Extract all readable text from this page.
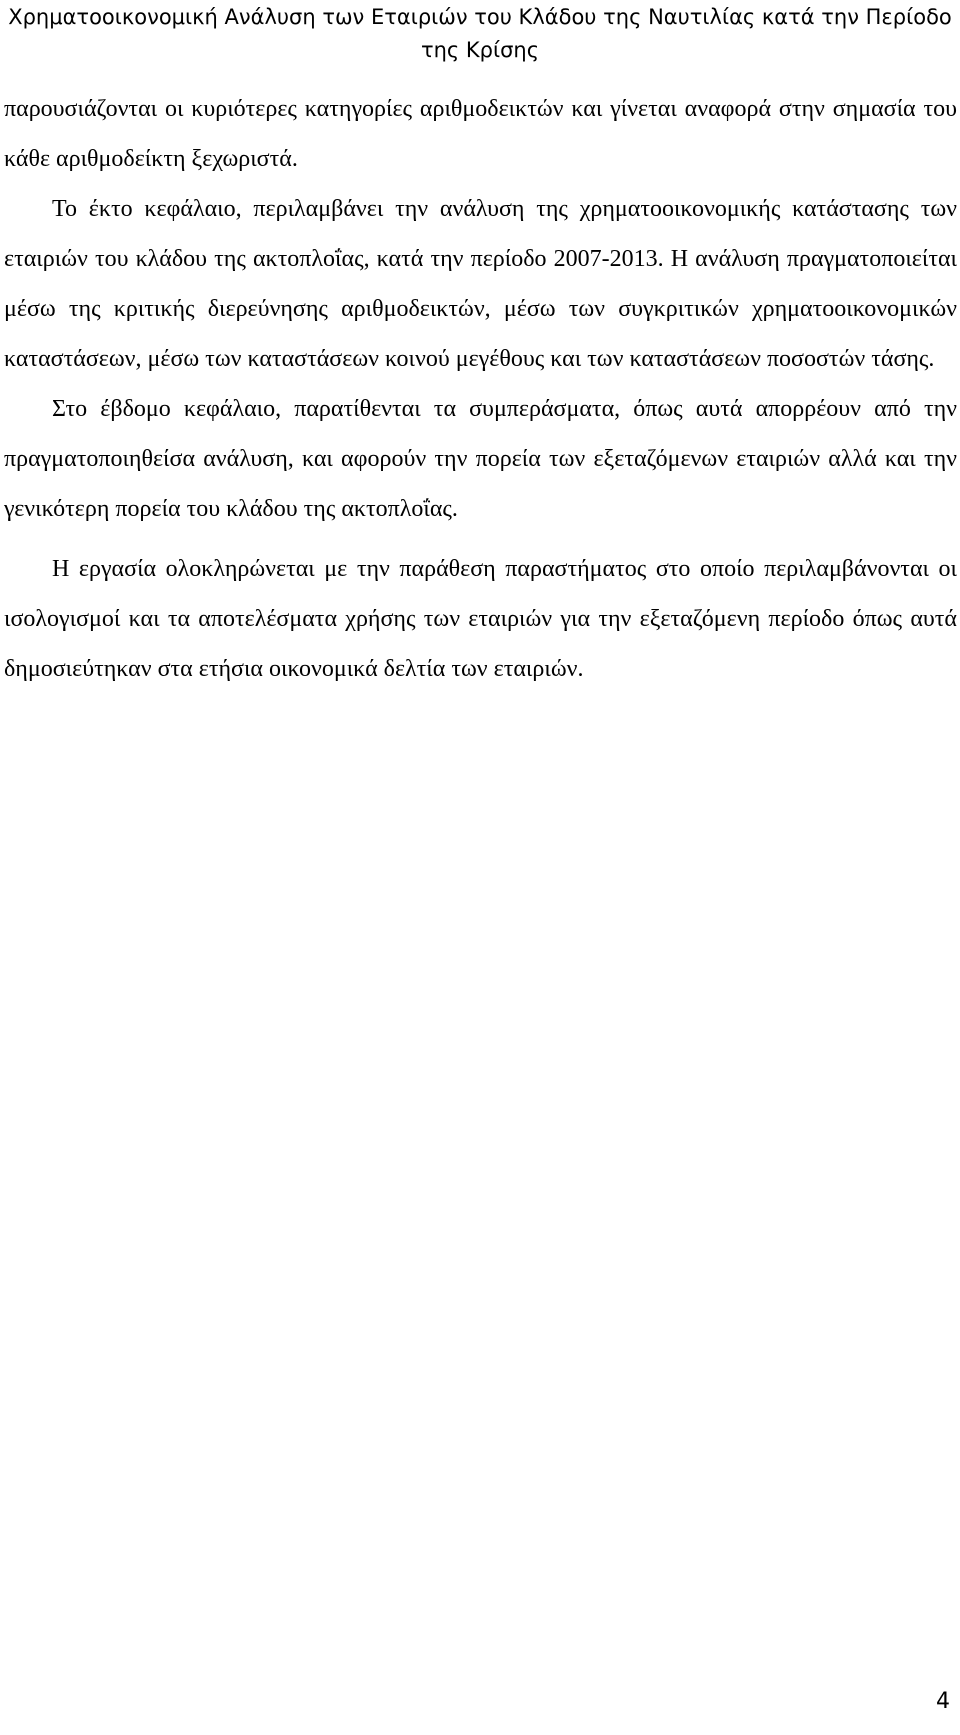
Χρηματοοικονομική Ανάλυση των Εταιριών του Κλάδου της Ναυτιλίας κατά την Περίοδο της Κρίσης

παρουσιάζονται οι κυριότερες κατηγορίες αριθμοδεικτών και γίνεται αναφορά στην σημασία του κάθε αριθμοδείκτη ξεχωριστά.

Το έκτο κεφάλαιο, περιλαμβάνει την ανάλυση της χρηματοοικονομικής κατάστασης των εταιριών του κλάδου της ακτοπλοΐας, κατά την περίοδο 2007-2013. Η ανάλυση πραγματοποιείται μέσω της κριτικής διερεύνησης αριθμοδεικτών, μέσω των συγκριτικών χρηματοοικονομικών καταστάσεων, μέσω των καταστάσεων κοινού μεγέθους και των καταστάσεων ποσοστών τάσης.

Στο έβδομο κεφάλαιο, παρατίθενται τα συμπεράσματα, όπως αυτά απορρέουν από την πραγματοποιηθείσα ανάλυση, και αφορούν την πορεία των εξεταζόμενων εταιριών αλλά και την γενικότερη πορεία του κλάδου της ακτοπλοΐας.

Η εργασία ολοκληρώνεται με την παράθεση παραστήματος στο οποίο περιλαμβάνονται οι ισολογισμοί και τα αποτελέσματα χρήσης των εταιριών για την εξεταζόμενη περίοδο όπως αυτά δημοσιεύτηκαν στα ετήσια οικονομικά δελτία των εταιριών.

4
